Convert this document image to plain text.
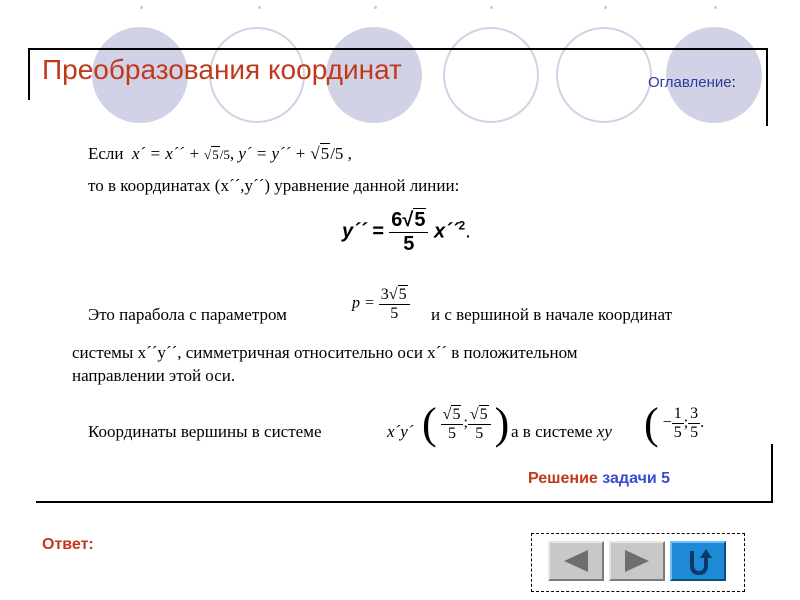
Преобразования координат	Оглавление:
Если x´ = x´´ + √5/5, y´ = y´´ + √5/5 ,
то в координатах (x´´,y´´) уравнение данной линии:
y´´ = $\frac{6√5}{5}$ x´´$^2$.
Это парабола с параметром
$p = \frac{3√5}{5}$ и с вершиной в начале координат
системы x´´y´´, симметричная относительно оси x´´ в положительном
направлении этой оси.
Координаты вершины в системе	x´y´ ( $\frac{√5}{5}$ ; $\frac{√5}{5}$ ) а в системе xy ( − $\frac{1}{5}$ ; $\frac{3}{5}$ .
Решение задачи 5
Ответ:
